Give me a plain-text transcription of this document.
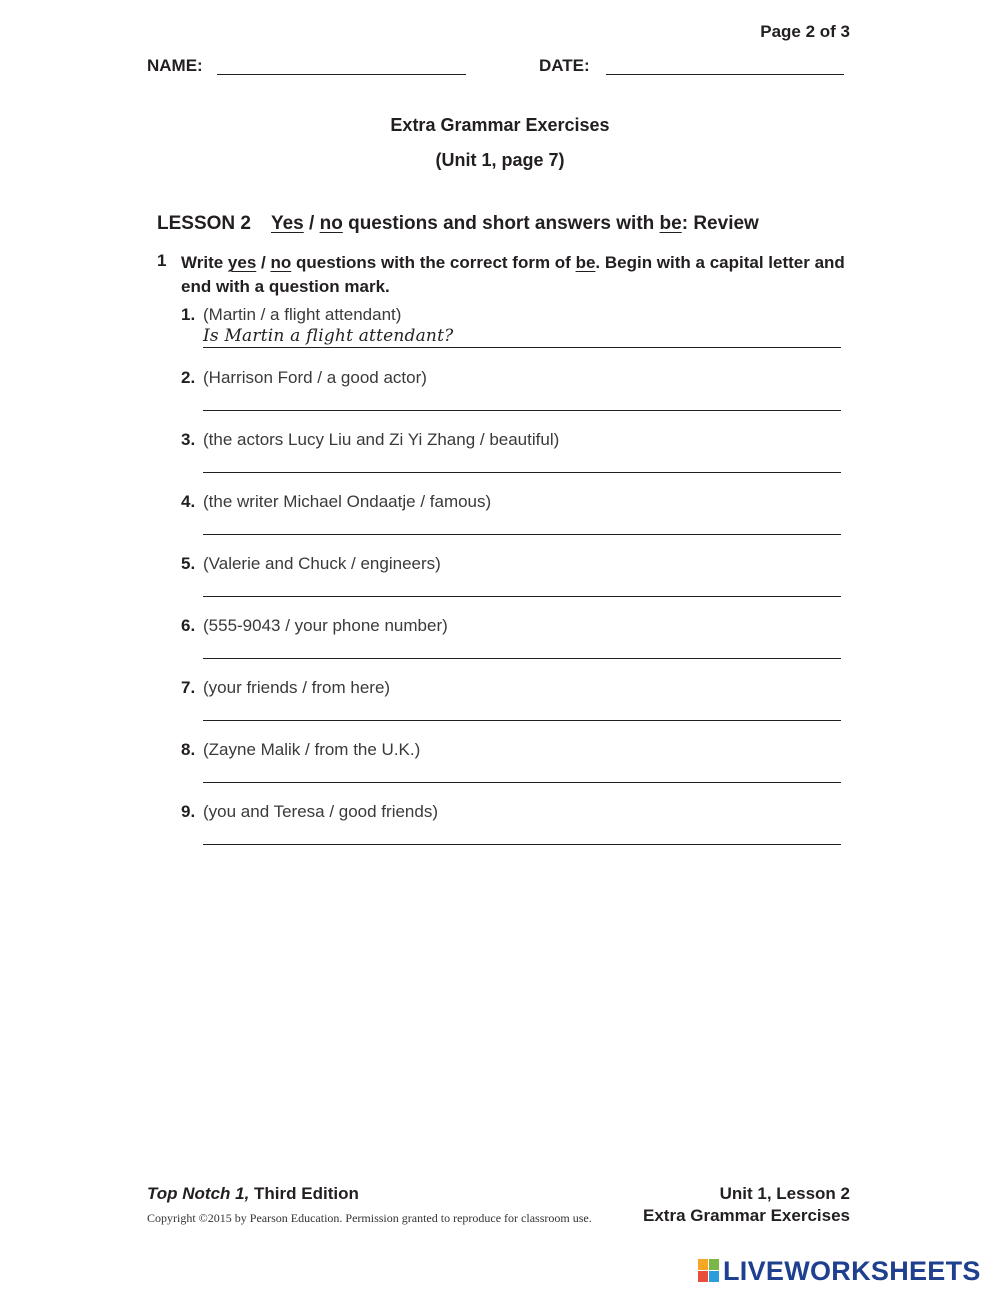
Page 2 of 3
NAME:	DATE:
Extra Grammar Exercises
(Unit 1, page 7)
LESSON 2 Yes / no questions and short answers with be: Review
1 Write yes / no questions with the correct form of be. Begin with a capital letter and end with a question mark.
1. (Martin / a flight attendant)
Is Martin a flight attendant?
2. (Harrison Ford / a good actor)
3. (the actors Lucy Liu and Zi Yi Zhang / beautiful)
4. (the writer Michael Ondaatje / famous)
5. (Valerie and Chuck / engineers)
6. (555-9043 / your phone number)
7. (your friends / from here)
8. (Zayne Malik / from the U.K.)
9. (you and Teresa / good friends)
Top Notch 1, Third Edition
Copyright ©2015 by Pearson Education. Permission granted to reproduce for classroom use.
Unit 1, Lesson 2
Extra Grammar Exercises
LIVEWORKSHEETS
